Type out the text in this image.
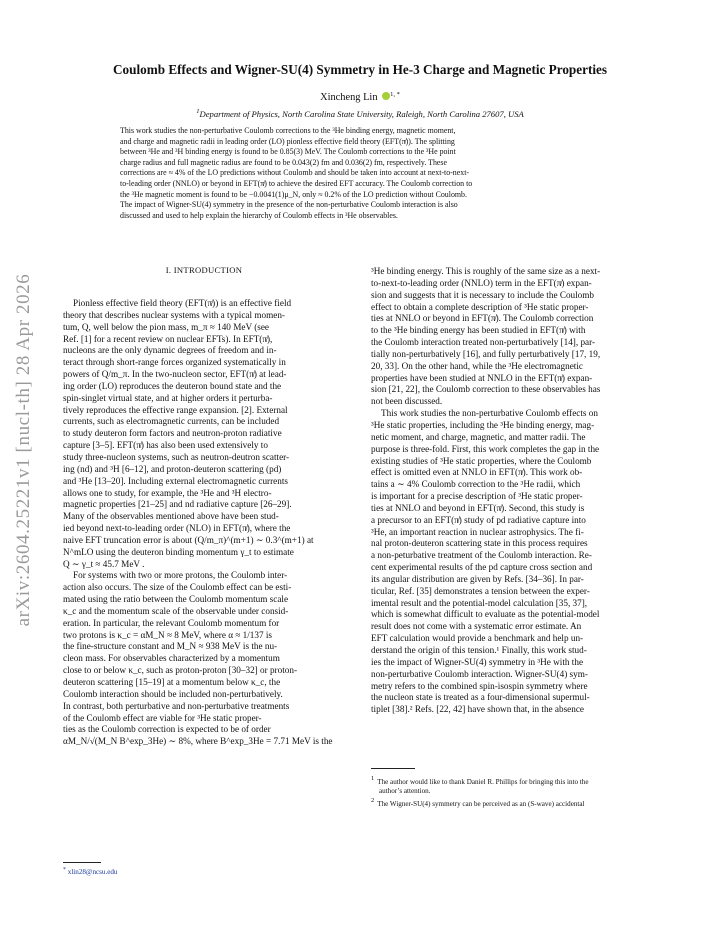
arXiv:2604.25221v1 [nucl-th] 28 Apr 2026
Coulomb Effects and Wigner-SU(4) Symmetry in He-3 Charge and Magnetic Properties
Xincheng Lin $^{1, *}$
$^1$Department of Physics, North Carolina State University, Raleigh, North Carolina 27607, USA
This work studies the non-perturbative Coulomb corrections to the ³He binding energy, magnetic moment,
and charge and magnetic radii in leading order (LO) pionless effective field theory (EFT(π̸)). The splitting
between ³He and ³H binding energy is found to be 0.85(3) MeV. The Coulomb corrections to the ³He point
charge radius and full magnetic radius are found to be 0.043(2) fm and 0.036(2) fm, respectively. These
corrections are ≈ 4% of the LO predictions without Coulomb and should be taken into account at next-to-next-
to-leading order (NNLO) or beyond in EFT(π̸) to achieve the desired EFT accuracy. The Coulomb correction to
the ³He magnetic moment is found to be −0.0041(1)μ_N, only ≈ 0.2% of the LO prediction without Coulomb.
The impact of Wigner-SU(4) symmetry in the presence of the non-perturbative Coulomb interaction is also
discussed and used to help explain the hierarchy of Coulomb effects in ³He observables.
I. INTRODUCTION
Pionless effective field theory (EFT(π̸)) is an effective field
theory that describes nuclear systems with a typical momen-
tum, Q, well below the pion mass, m_π ≈ 140 MeV (see
Ref. [1] for a recent review on nuclear EFTs). In EFT(π̸),
nucleons are the only dynamic degrees of freedom and in-
teract through short-range forces organized systematically in
powers of Q/m_π. In the two-nucleon sector, EFT(π̸) at lead-
ing order (LO) reproduces the deuteron bound state and the
spin-singlet virtual state, and at higher orders it perturba-
tively reproduces the effective range expansion. [2]. External
currents, such as electromagnetic currents, can be included
to study deuteron form factors and neutron-proton radiative
capture [3–5]. EFT(π̸) has also been used extensively to
study three-nucleon systems, such as neutron-deutron scatter-
ing (nd) and ³H [6–12], and proton-deuteron scattering (pd)
and ³He [13–20]. Including external electromagnetic currents
allows one to study, for example, the ³He and ³H electro-
magnetic properties [21–25] and nd radiative capture [26–29].
Many of the observables mentioned above have been stud-
ied beyond next-to-leading order (NLO) in EFT(π̸), where the
naive EFT truncation error is about (Q/m_π)^(m+1) ∼ 0.3^(m+1) at
N^mLO using the deuteron binding momentum γ_t to estimate
Q ∼ γ_t ≈ 45.7 MeV .
For systems with two or more protons, the Coulomb inter-
action also occurs. The size of the Coulomb effect can be esti-
mated using the ratio between the Coulomb momentum scale
κ_c and the momentum scale of the observable under consid-
eration. In particular, the relevant Coulomb momentum for
two protons is κ_c = αM_N ≈ 8 MeV, where α ≈ 1/137 is
the fine-structure constant and M_N ≈ 938 MeV is the nu-
cleon mass. For observables characterized by a momentum
close to or below κ_c, such as proton-proton [30–32] or proton-
deuteron scattering [15–19] at a momentum below κ_c, the
Coulomb interaction should be included non-perturbatively.
In contrast, both perturbative and non-perturbative treatments
of the Coulomb effect are viable for ³He static proper-
ties as the Coulomb correction is expected to be of order
αM_N/√(M_N B^exp_3He) ∼ 8%, where B^exp_3He = 7.71 MeV is the
³He binding energy. This is roughly of the same size as a next-
to-next-to-leading order (NNLO) term in the EFT(π̸) expan-
sion and suggests that it is necessary to include the Coulomb
effect to obtain a complete description of ³He static proper-
ties at NNLO or beyond in EFT(π̸). The Coulomb correction
to the ³He binding energy has been studied in EFT(π̸) with
the Coulomb interaction treated non-perturbatively [14], par-
tially non-perturbatively [16], and fully perturbatively [17, 19,
20, 33]. On the other hand, while the ³He electromagnetic
properties have been studied at NNLO in the EFT(π̸) expan-
sion [21, 22], the Coulomb correction to these observables has
not been discussed.
This work studies the non-perturbative Coulomb effects on
³He static properties, including the ³He binding energy, mag-
netic moment, and charge, magnetic, and matter radii. The
purpose is three-fold. First, this work completes the gap in the
existing studies of ³He static properties, where the Coulomb
effect is omitted even at NNLO in EFT(π̸). This work ob-
tains a ∼ 4% Coulomb correction to the ³He radii, which
is important for a precise description of ³He static proper-
ties at NNLO and beyond in EFT(π̸). Second, this study is
a precursor to an EFT(π̸) study of pd radiative capture into
³He, an important reaction in nuclear astrophysics. The fi-
nal proton-deuteron scattering state in this process requires
a non-peturbative treatment of the Coulomb interaction. Re-
cent experimental results of the pd capture cross section and
its angular distribution are given by Refs. [34–36]. In par-
ticular, Ref. [35] demonstrates a tension between the exper-
imental result and the potential-model calculation [35, 37],
which is somewhat difficult to evaluate as the potential-model
result does not come with a systematic error estimate. An
EFT calculation would provide a benchmark and help un-
derstand the origin of this tension.¹ Finally, this work stud-
ies the impact of Wigner-SU(4) symmetry in ³He with the
non-perturbative Coulomb interaction. Wigner-SU(4) sym-
metry refers to the combined spin-isospin symmetry where
the nucleon state is treated as a four-dimensional supermul-
tiplet [38].² Refs. [22, 42] have shown that, in the absence
1 The author would like to thank Daniel R. Phillips for bringing this into the
author’s attention.
2 The Wigner-SU(4) symmetry can be perceived as an (S-wave) accidental
* xlin28@ncsu.edu
